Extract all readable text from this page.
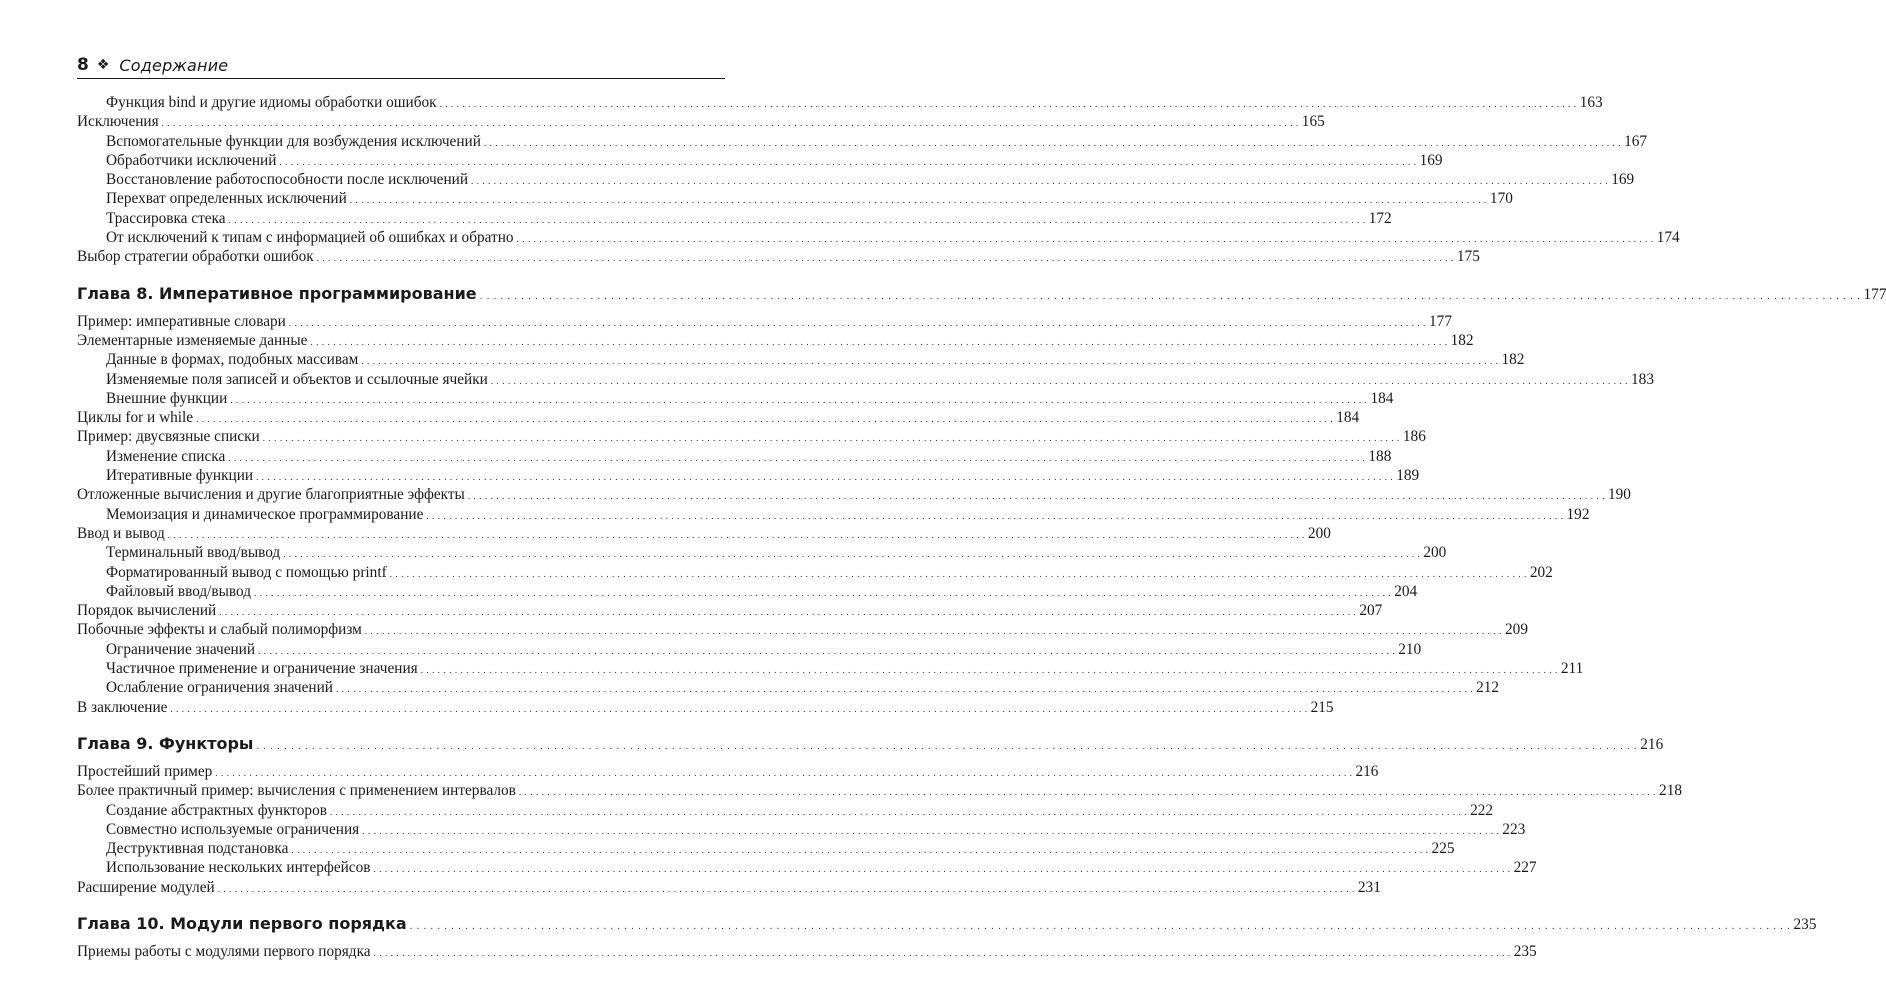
8 ❖ Содержание
Функция bind и другие идиомы обработки ошибок . . . . . . . . . . . . . . . . . . . . . . . . . . . . . . . . . . . . . . . . . . . . . . . . . . . . . . . . . . . . . . . . . . . . . . . . . . . . . . . . . . . . . . . . . . . . . . . . . . . . . . . . . . . . . . . . . . . . . . . . . . . . . . . . . . . . . . . . . . . . . . . . . . . . . . . . . . . . . . . . . . . . . . . . . . . . . . . . . . . . . . . . . . . . . . . . . . . . . . . . 163
Исключения . . . . . . . . . . . . . . . . . . . . . . . . . . . . . . . . . . . . . . . . . . . . . . . . . . . . . . . . . . . . . . . . . . . . . . . . . . . . . . . . . . . . . . . . . . . . . . . . . . . . . . . . . . . . . . . . . . . . . . . . . . . . . . . . . . . . . . . . . . . . . . . . . . . . . . . . . . . . . . . . . . . . . . . . . . . . . . . . . . . . . . . . . . . . . . . . . . . . . . . . 165
Вспомогательные функции для возбуждения исключений . . . . . . . . . . . . . . . . . . . . . . . . . . . . . . . . . . . . . . . . . . . . . . . . . . . . . . . . . . . . . . . . . . . . . . . . . . . . . . . . . . . . . . . . . . . . . . . . . . . . . . . . . . . . . . . . . . . . . . . . . . . . . . . . . . . . . . . . . . . . . . . . . . . . . . . . . . . . . . . . . . . . . . . . . . . . . . . . . . . . . . . . . . . . . . . . . . . . . . . . 167
Обработчики исключений . . . . . . . . . . . . . . . . . . . . . . . . . . . . . . . . . . . . . . . . . . . . . . . . . . . . . . . . . . . . . . . . . . . . . . . . . . . . . . . . . . . . . . . . . . . . . . . . . . . . . . . . . . . . . . . . . . . . . . . . . . . . . . . . . . . . . . . . . . . . . . . . . . . . . . . . . . . . . . . . . . . . . . . . . . . . . . . . . . . . . . . . . . . . . . . . . . . . . . . . 169
Восстановление работоспособности после исключений . . . . . . . . . . . . . . . . . . . . . . . . . . . . . . . . . . . . . . . . . . . . . . . . . . . . . . . . . . . . . . . . . . . . . . . . . . . . . . . . . . . . . . . . . . . . . . . . . . . . . . . . . . . . . . . . . . . . . . . . . . . . . . . . . . . . . . . . . . . . . . . . . . . . . . . . . . . . . . . . . . . . . . . . . . . . . . . . . . . . . . . . . . . . . . . . . . . . . . . . 169
Перехват определенных исключений . . . . . . . . . . . . . . . . . . . . . . . . . . . . . . . . . . . . . . . . . . . . . . . . . . . . . . . . . . . . . . . . . . . . . . . . . . . . . . . . . . . . . . . . . . . . . . . . . . . . . . . . . . . . . . . . . . . . . . . . . . . . . . . . . . . . . . . . . . . . . . . . . . . . . . . . . . . . . . . . . . . . . . . . . . . . . . . . . . . . . . . . . . . . . . . . . . . . . . . . 170
Трассировка стека . . . . . . . . . . . . . . . . . . . . . . . . . . . . . . . . . . . . . . . . . . . . . . . . . . . . . . . . . . . . . . . . . . . . . . . . . . . . . . . . . . . . . . . . . . . . . . . . . . . . . . . . . . . . . . . . . . . . . . . . . . . . . . . . . . . . . . . . . . . . . . . . . . . . . . . . . . . . . . . . . . . . . . . . . . . . . . . . . . . . . . . . . . . . . . . . . . . . . . . . 172
От исключений к типам с информацией об ошибках и обратно . . . . . . . . . . . . . . . . . . . . . . . . . . . . . . . . . . . . . . . . . . . . . . . . . . . . . . . . . . . . . . . . . . . . . . . . . . . . . . . . . . . . . . . . . . . . . . . . . . . . . . . . . . . . . . . . . . . . . . . . . . . . . . . . . . . . . . . . . . . . . . . . . . . . . . . . . . . . . . . . . . . . . . . . . . . . . . . . . . . . . . . . . . . . . . . . . . . . . . . . 174
Выбор стратегии обработки ошибок . . . . . . . . . . . . . . . . . . . . . . . . . . . . . . . . . . . . . . . . . . . . . . . . . . . . . . . . . . . . . . . . . . . . . . . . . . . . . . . . . . . . . . . . . . . . . . . . . . . . . . . . . . . . . . . . . . . . . . . . . . . . . . . . . . . . . . . . . . . . . . . . . . . . . . . . . . . . . . . . . . . . . . . . . . . . . . . . . . . . . . . . . . . . . . . . . . . . . . . . 175
Глава 8. Императивное программирование . . . . . . . . . . . . . . . . . . . . . . . . . . . . . . . . . . . . . . . . . . . . . . . . . . . . . . . . . . . . . . . . . . . . . . . . . . . . . . . . . . . . . . . . . . . . . . . . . . . . . . . . . . . . . . . . . . . . . . . . . . . . . . . . . . . . . . . . . . . . . . . . . . . . . . . . . . . . . . . . . . . . . . . . . . . . . . . . . . . . . . . . . . . . . . . . . . . . . . . . 177
Пример: императивные словари . . . . . . . . . . . . . . . . . . . . . . . . . . . . . . . . . . . . . . . . . . . . . . . . . . . . . . . . . . . . . . . . . . . . . . . . . . . . . . . . . . . . . . . . . . . . . . . . . . . . . . . . . . . . . . . . . . . . . . . . . . . . . . . . . . . . . . . . . . . . . . . . . . . . . . . . . . . . . . . . . . . . . . . . . . . . . . . . . . . . . . . . . . . . . . . . . . . . . . . . 177
Элементарные изменяемые данные . . . . . . . . . . . . . . . . . . . . . . . . . . . . . . . . . . . . . . . . . . . . . . . . . . . . . . . . . . . . . . . . . . . . . . . . . . . . . . . . . . . . . . . . . . . . . . . . . . . . . . . . . . . . . . . . . . . . . . . . . . . . . . . . . . . . . . . . . . . . . . . . . . . . . . . . . . . . . . . . . . . . . . . . . . . . . . . . . . . . . . . . . . . . . . . . . . . . . . . . 182
Данные в формах, подобных массивам . . . . . . . . . . . . . . . . . . . . . . . . . . . . . . . . . . . . . . . . . . . . . . . . . . . . . . . . . . . . . . . . . . . . . . . . . . . . . . . . . . . . . . . . . . . . . . . . . . . . . . . . . . . . . . . . . . . . . . . . . . . . . . . . . . . . . . . . . . . . . . . . . . . . . . . . . . . . . . . . . . . . . . . . . . . . . . . . . . . . . . . . . . . . . . . . . . . . . . . . 182
Изменяемые поля записей и объектов и ссылочные ячейки . . . . . . . . . . . . . . . . . . . . . . . . . . . . . . . . . . . . . . . . . . . . . . . . . . . . . . . . . . . . . . . . . . . . . . . . . . . . . . . . . . . . . . . . . . . . . . . . . . . . . . . . . . . . . . . . . . . . . . . . . . . . . . . . . . . . . . . . . . . . . . . . . . . . . . . . . . . . . . . . . . . . . . . . . . . . . . . . . . . . . . . . . . . . . . . . . . . . . . . . 183
Внешние функции . . . . . . . . . . . . . . . . . . . . . . . . . . . . . . . . . . . . . . . . . . . . . . . . . . . . . . . . . . . . . . . . . . . . . . . . . . . . . . . . . . . . . . . . . . . . . . . . . . . . . . . . . . . . . . . . . . . . . . . . . . . . . . . . . . . . . . . . . . . . . . . . . . . . . . . . . . . . . . . . . . . . . . . . . . . . . . . . . . . . . . . . . . . . . . . . . . . . . . . . 184
Циклы for и while . . . . . . . . . . . . . . . . . . . . . . . . . . . . . . . . . . . . . . . . . . . . . . . . . . . . . . . . . . . . . . . . . . . . . . . . . . . . . . . . . . . . . . . . . . . . . . . . . . . . . . . . . . . . . . . . . . . . . . . . . . . . . . . . . . . . . . . . . . . . . . . . . . . . . . . . . . . . . . . . . . . . . . . . . . . . . . . . . . . . . . . . . . . . . . . . . . . . . . . . 184
Пример: двусвязные списки . . . . . . . . . . . . . . . . . . . . . . . . . . . . . . . . . . . . . . . . . . . . . . . . . . . . . . . . . . . . . . . . . . . . . . . . . . . . . . . . . . . . . . . . . . . . . . . . . . . . . . . . . . . . . . . . . . . . . . . . . . . . . . . . . . . . . . . . . . . . . . . . . . . . . . . . . . . . . . . . . . . . . . . . . . . . . . . . . . . . . . . . . . . . . . . . . . . . . . . . 186
Изменение списка . . . . . . . . . . . . . . . . . . . . . . . . . . . . . . . . . . . . . . . . . . . . . . . . . . . . . . . . . . . . . . . . . . . . . . . . . . . . . . . . . . . . . . . . . . . . . . . . . . . . . . . . . . . . . . . . . . . . . . . . . . . . . . . . . . . . . . . . . . . . . . . . . . . . . . . . . . . . . . . . . . . . . . . . . . . . . . . . . . . . . . . . . . . . . . . . . . . . . . . . 188
Итеративные функции . . . . . . . . . . . . . . . . . . . . . . . . . . . . . . . . . . . . . . . . . . . . . . . . . . . . . . . . . . . . . . . . . . . . . . . . . . . . . . . . . . . . . . . . . . . . . . . . . . . . . . . . . . . . . . . . . . . . . . . . . . . . . . . . . . . . . . . . . . . . . . . . . . . . . . . . . . . . . . . . . . . . . . . . . . . . . . . . . . . . . . . . . . . . . . . . . . . . . . . . 189
Отложенные вычисления и другие благоприятные эффекты . . . . . . . . . . . . . . . . . . . . . . . . . . . . . . . . . . . . . . . . . . . . . . . . . . . . . . . . . . . . . . . . . . . . . . . . . . . . . . . . . . . . . . . . . . . . . . . . . . . . . . . . . . . . . . . . . . . . . . . . . . . . . . . . . . . . . . . . . . . . . . . . . . . . . . . . . . . . . . . . . . . . . . . . . . . . . . . . . . . . . . . . . . . . . . . . . . . . . . . . 190
Мемоизация и динамическое программирование . . . . . . . . . . . . . . . . . . . . . . . . . . . . . . . . . . . . . . . . . . . . . . . . . . . . . . . . . . . . . . . . . . . . . . . . . . . . . . . . . . . . . . . . . . . . . . . . . . . . . . . . . . . . . . . . . . . . . . . . . . . . . . . . . . . . . . . . . . . . . . . . . . . . . . . . . . . . . . . . . . . . . . . . . . . . . . . . . . . . . . . . . . . . . . . . . . . . . . . . 192
Ввод и вывод . . . . . . . . . . . . . . . . . . . . . . . . . . . . . . . . . . . . . . . . . . . . . . . . . . . . . . . . . . . . . . . . . . . . . . . . . . . . . . . . . . . . . . . . . . . . . . . . . . . . . . . . . . . . . . . . . . . . . . . . . . . . . . . . . . . . . . . . . . . . . . . . . . . . . . . . . . . . . . . . . . . . . . . . . . . . . . . . . . . . . . . . . . . . . . . . . . . . . . . . 200
Терминальный ввод/вывод . . . . . . . . . . . . . . . . . . . . . . . . . . . . . . . . . . . . . . . . . . . . . . . . . . . . . . . . . . . . . . . . . . . . . . . . . . . . . . . . . . . . . . . . . . . . . . . . . . . . . . . . . . . . . . . . . . . . . . . . . . . . . . . . . . . . . . . . . . . . . . . . . . . . . . . . . . . . . . . . . . . . . . . . . . . . . . . . . . . . . . . . . . . . . . . . . . . . . . . . 200
Форматированный вывод с помощью printf . . . . . . . . . . . . . . . . . . . . . . . . . . . . . . . . . . . . . . . . . . . . . . . . . . . . . . . . . . . . . . . . . . . . . . . . . . . . . . . . . . . . . . . . . . . . . . . . . . . . . . . . . . . . . . . . . . . . . . . . . . . . . . . . . . . . . . . . . . . . . . . . . . . . . . . . . . . . . . . . . . . . . . . . . . . . . . . . . . . . . . . . . . . . . . . . . . . . . . . . 202
Файловый ввод/вывод . . . . . . . . . . . . . . . . . . . . . . . . . . . . . . . . . . . . . . . . . . . . . . . . . . . . . . . . . . . . . . . . . . . . . . . . . . . . . . . . . . . . . . . . . . . . . . . . . . . . . . . . . . . . . . . . . . . . . . . . . . . . . . . . . . . . . . . . . . . . . . . . . . . . . . . . . . . . . . . . . . . . . . . . . . . . . . . . . . . . . . . . . . . . . . . . . . . . . . . . 204
Порядок вычислений . . . . . . . . . . . . . . . . . . . . . . . . . . . . . . . . . . . . . . . . . . . . . . . . . . . . . . . . . . . . . . . . . . . . . . . . . . . . . . . . . . . . . . . . . . . . . . . . . . . . . . . . . . . . . . . . . . . . . . . . . . . . . . . . . . . . . . . . . . . . . . . . . . . . . . . . . . . . . . . . . . . . . . . . . . . . . . . . . . . . . . . . . . . . . . . . . . . . . . . . 207
Побочные эффекты и слабый полиморфизм . . . . . . . . . . . . . . . . . . . . . . . . . . . . . . . . . . . . . . . . . . . . . . . . . . . . . . . . . . . . . . . . . . . . . . . . . . . . . . . . . . . . . . . . . . . . . . . . . . . . . . . . . . . . . . . . . . . . . . . . . . . . . . . . . . . . . . . . . . . . . . . . . . . . . . . . . . . . . . . . . . . . . . . . . . . . . . . . . . . . . . . . . . . . . . . . . . . . . . . . 209
Ограничение значений . . . . . . . . . . . . . . . . . . . . . . . . . . . . . . . . . . . . . . . . . . . . . . . . . . . . . . . . . . . . . . . . . . . . . . . . . . . . . . . . . . . . . . . . . . . . . . . . . . . . . . . . . . . . . . . . . . . . . . . . . . . . . . . . . . . . . . . . . . . . . . . . . . . . . . . . . . . . . . . . . . . . . . . . . . . . . . . . . . . . . . . . . . . . . . . . . . . . . . . . 210
Частичное применение и ограничение значения . . . . . . . . . . . . . . . . . . . . . . . . . . . . . . . . . . . . . . . . . . . . . . . . . . . . . . . . . . . . . . . . . . . . . . . . . . . . . . . . . . . . . . . . . . . . . . . . . . . . . . . . . . . . . . . . . . . . . . . . . . . . . . . . . . . . . . . . . . . . . . . . . . . . . . . . . . . . . . . . . . . . . . . . . . . . . . . . . . . . . . . . . . . . . . . . . . . . . . . . 211
Ослабление ограничения значений . . . . . . . . . . . . . . . . . . . . . . . . . . . . . . . . . . . . . . . . . . . . . . . . . . . . . . . . . . . . . . . . . . . . . . . . . . . . . . . . . . . . . . . . . . . . . . . . . . . . . . . . . . . . . . . . . . . . . . . . . . . . . . . . . . . . . . . . . . . . . . . . . . . . . . . . . . . . . . . . . . . . . . . . . . . . . . . . . . . . . . . . . . . . . . . . . . . . . . . . 212
В заключение . . . . . . . . . . . . . . . . . . . . . . . . . . . . . . . . . . . . . . . . . . . . . . . . . . . . . . . . . . . . . . . . . . . . . . . . . . . . . . . . . . . . . . . . . . . . . . . . . . . . . . . . . . . . . . . . . . . . . . . . . . . . . . . . . . . . . . . . . . . . . . . . . . . . . . . . . . . . . . . . . . . . . . . . . . . . . . . . . . . . . . . . . . . . . . . . . . . . . . . . 215
Глава 9. Функторы . . . . . . . . . . . . . . . . . . . . . . . . . . . . . . . . . . . . . . . . . . . . . . . . . . . . . . . . . . . . . . . . . . . . . . . . . . . . . . . . . . . . . . . . . . . . . . . . . . . . . . . . . . . . . . . . . . . . . . . . . . . . . . . . . . . . . . . . . . . . . . . . . . . . . . . . . . . . . . . . . . . . . . . . . . . . . . . . . . . . . . . . . . . . . . . . . . . . . . . . 216
Простейший пример . . . . . . . . . . . . . . . . . . . . . . . . . . . . . . . . . . . . . . . . . . . . . . . . . . . . . . . . . . . . . . . . . . . . . . . . . . . . . . . . . . . . . . . . . . . . . . . . . . . . . . . . . . . . . . . . . . . . . . . . . . . . . . . . . . . . . . . . . . . . . . . . . . . . . . . . . . . . . . . . . . . . . . . . . . . . . . . . . . . . . . . . . . . . . . . . . . . . . . . . 216
Более практичный пример: вычисления с применением интервалов . . . . . . . . . . . . . . . . . . . . . . . . . . . . . . . . . . . . . . . . . . . . . . . . . . . . . . . . . . . . . . . . . . . . . . . . . . . . . . . . . . . . . . . . . . . . . . . . . . . . . . . . . . . . . . . . . . . . . . . . . . . . . . . . . . . . . . . . . . . . . . . . . . . . . . . . . . . . . . . . . . . . . . . . . . . . . . . . . . . . . . . . . . . . . . . . . . . . . . . . 218
Создание абстрактных функторов . . . . . . . . . . . . . . . . . . . . . . . . . . . . . . . . . . . . . . . . . . . . . . . . . . . . . . . . . . . . . . . . . . . . . . . . . . . . . . . . . . . . . . . . . . . . . . . . . . . . . . . . . . . . . . . . . . . . . . . . . . . . . . . . . . . . . . . . . . . . . . . . . . . . . . . . . . . . . . . . . . . . . . . . . . . . . . . . . . . . . . . . . . . . . . . . . . . . . . . . 222
Совместно используемые ограничения . . . . . . . . . . . . . . . . . . . . . . . . . . . . . . . . . . . . . . . . . . . . . . . . . . . . . . . . . . . . . . . . . . . . . . . . . . . . . . . . . . . . . . . . . . . . . . . . . . . . . . . . . . . . . . . . . . . . . . . . . . . . . . . . . . . . . . . . . . . . . . . . . . . . . . . . . . . . . . . . . . . . . . . . . . . . . . . . . . . . . . . . . . . . . . . . . . . . . . . . 223
Деструктивная подстановка . . . . . . . . . . . . . . . . . . . . . . . . . . . . . . . . . . . . . . . . . . . . . . . . . . . . . . . . . . . . . . . . . . . . . . . . . . . . . . . . . . . . . . . . . . . . . . . . . . . . . . . . . . . . . . . . . . . . . . . . . . . . . . . . . . . . . . . . . . . . . . . . . . . . . . . . . . . . . . . . . . . . . . . . . . . . . . . . . . . . . . . . . . . . . . . . . . . . . . . . 225
Использование нескольких интерфейсов . . . . . . . . . . . . . . . . . . . . . . . . . . . . . . . . . . . . . . . . . . . . . . . . . . . . . . . . . . . . . . . . . . . . . . . . . . . . . . . . . . . . . . . . . . . . . . . . . . . . . . . . . . . . . . . . . . . . . . . . . . . . . . . . . . . . . . . . . . . . . . . . . . . . . . . . . . . . . . . . . . . . . . . . . . . . . . . . . . . . . . . . . . . . . . . . . . . . . . . . 227
Расширение модулей . . . . . . . . . . . . . . . . . . . . . . . . . . . . . . . . . . . . . . . . . . . . . . . . . . . . . . . . . . . . . . . . . . . . . . . . . . . . . . . . . . . . . . . . . . . . . . . . . . . . . . . . . . . . . . . . . . . . . . . . . . . . . . . . . . . . . . . . . . . . . . . . . . . . . . . . . . . . . . . . . . . . . . . . . . . . . . . . . . . . . . . . . . . . . . . . . . . . . . . . 231
Глава 10. Модули первого порядка . . . . . . . . . . . . . . . . . . . . . . . . . . . . . . . . . . . . . . . . . . . . . . . . . . . . . . . . . . . . . . . . . . . . . . . . . . . . . . . . . . . . . . . . . . . . . . . . . . . . . . . . . . . . . . . . . . . . . . . . . . . . . . . . . . . . . . . . . . . . . . . . . . . . . . . . . . . . . . . . . . . . . . . . . . . . . . . . . . . . . . . . . . . . . . . . . . . . . . . . 235
Приемы работы с модулями первого порядка . . . . . . . . . . . . . . . . . . . . . . . . . . . . . . . . . . . . . . . . . . . . . . . . . . . . . . . . . . . . . . . . . . . . . . . . . . . . . . . . . . . . . . . . . . . . . . . . . . . . . . . . . . . . . . . . . . . . . . . . . . . . . . . . . . . . . . . . . . . . . . . . . . . . . . . . . . . . . . . . . . . . . . . . . . . . . . . . . . . . . . . . . . . . . . . . . . . . . . . . 235
